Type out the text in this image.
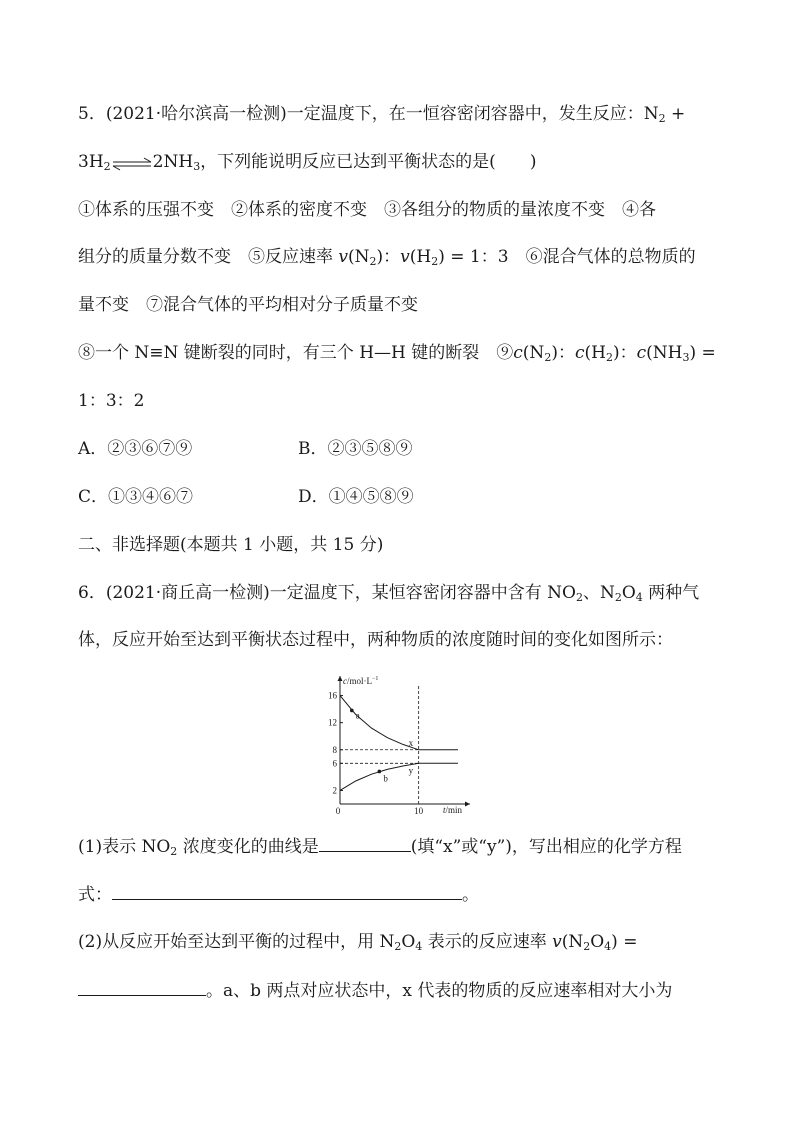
5．(2021·哈尔滨高一检测)一定温度下，在一恒容密闭容器中，发生反应：$N_2$ +
$3H_2\rightleftharpoons 2NH_3$，下列能说明反应已达到平衡状态的是(　　)
①体系的压强不变　②体系的密度不变　③各组分的物质的量浓度不变　④各
组分的质量分数不变　⑤反应速率 $v(N_2)$：$v(H_2) = 1$：3　⑥混合气体的总物质的
量不变　⑦混合气体的平均相对分子质量不变
⑧一个 N≡N 键断裂的同时，有三个 H—H 键的断裂　$⑨c(N_2)$：$c(H_2)$：$c(NH_3)$ =
1：3：2
A．②③⑥⑦⑨	B．②③⑤⑧⑨
C．①③④⑥⑦	D．①④⑤⑧⑨
二、非选择题(本题共 1 小题，共 15 分)
6．(2021·商丘高一检测)一定温度下，某恒容密闭容器中含有 $NO_2$、$N_2O_4$ 两种气
体，反应开始至达到平衡状态过程中，两种物质的浓度随时间的变化如图所示：
$c/mol\cdot L^{-1}$
t/min
0
2
6
8
12
16
10
x
y
a
b
(1)表示 $NO_2$ 浓度变化的曲线是	(填“x”或“y”)，写出相应的化学方程
式：	。
(2)从反应开始至达到平衡的过程中，用 $N_2O_4$ 表示的反应速率 $v(N_2O_4)$ =
。a、b 两点对应状态中，x 代表的物质的反应速率相对大小为
